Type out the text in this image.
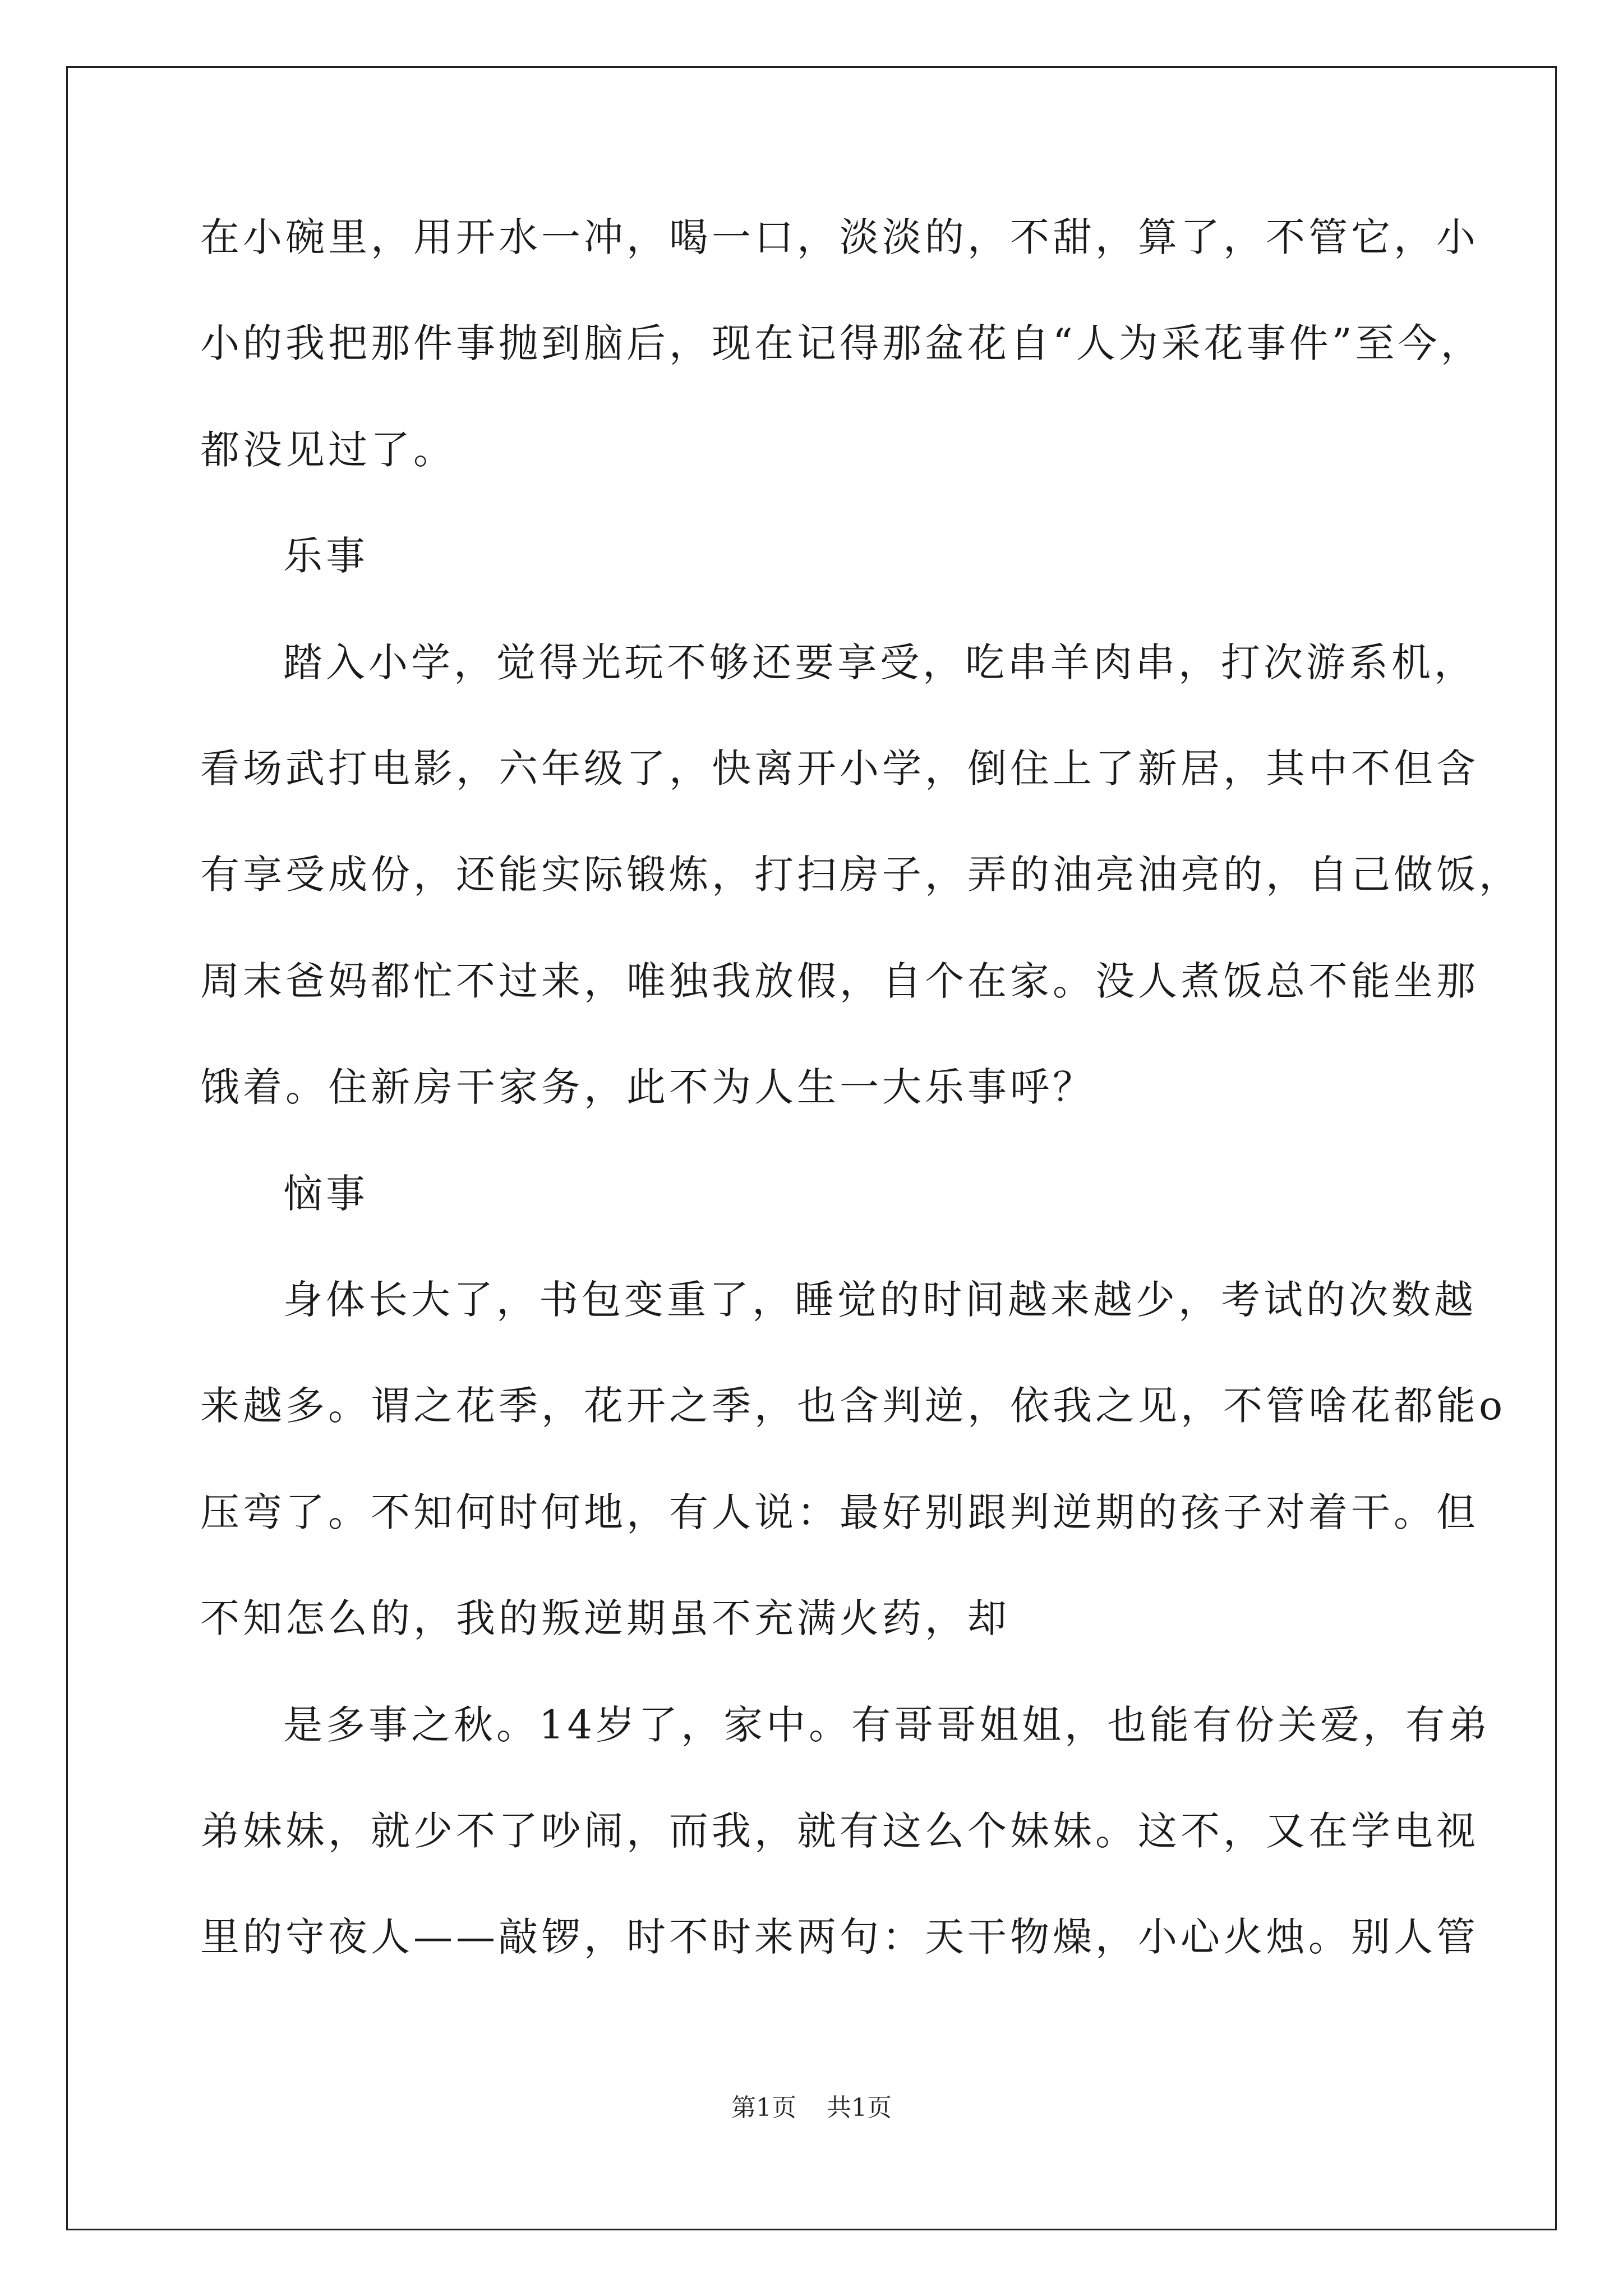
在小碗里，用开水一冲，喝一口，淡淡的，不甜，算了，不管它，小
小的我把那件事抛到脑后，现在记得那盆花自“人为采花事件”至今，
都没见过了。
乐事
踏入小学，觉得光玩不够还要享受，吃串羊肉串，打次游系机，
看场武打电影，六年级了，快离开小学，倒住上了新居，其中不但含
有享受成份，还能实际锻炼，打扫房子，弄的油亮油亮的，自己做饭，
周末爸妈都忙不过来，唯独我放假，自个在家。没人煮饭总不能坐那
饿着。住新房干家务，此不为人生一大乐事呼？
恼事
身体长大了，书包变重了，睡觉的时间越来越少，考试的次数越
来越多。谓之花季，花开之季，也含判逆，依我之见，不管啥花都能o
压弯了。不知何时何地，有人说：最好别跟判逆期的孩子对着干。但
不知怎么的，我的叛逆期虽不充满火药，却
是多事之秋。14岁了，家中。有哥哥姐姐，也能有份关爱，有弟
弟妹妹，就少不了吵闹，而我，就有这么个妹妹。这不，又在学电视
里的守夜人——敲锣，时不时来两句：天干物燥，小心火烛。别人管
第1页 共1页
